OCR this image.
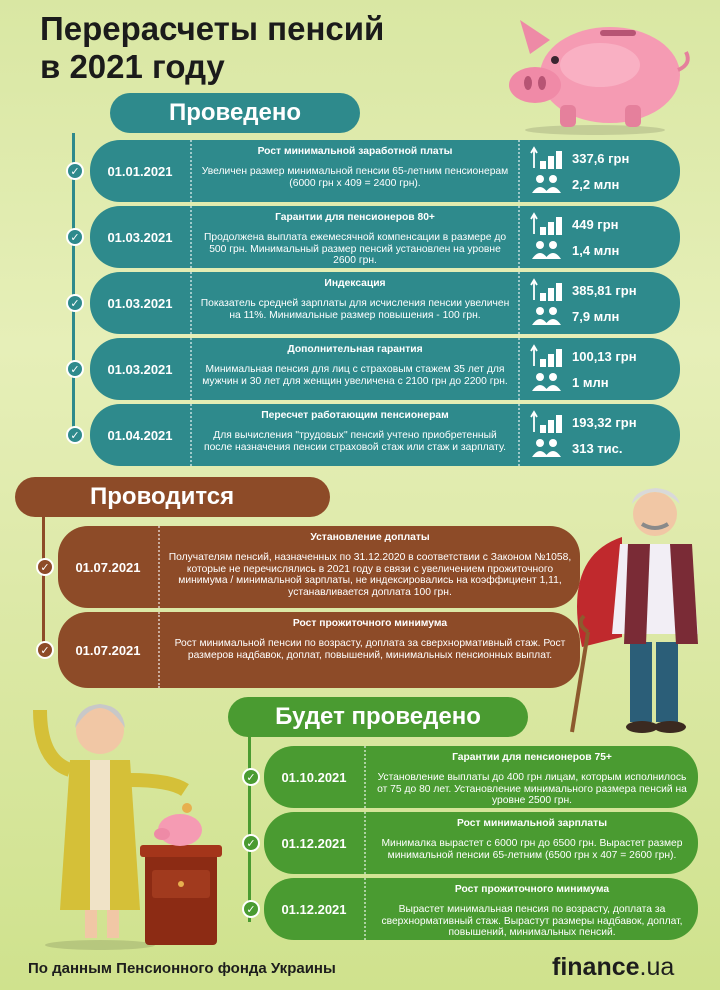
Перерасчеты пенсий
в 2021 году
Проведено
✓	01.01.2021
Рост минимальной заработной платы
Увеличен размер минимальной пенсии 65-летним пенсионерам (6000 грн х 409 = 2400 грн).
337,6 грн
2,2 млн
✓	01.03.2021
Гарантии для пенсионеров 80+
Продолжена выплата ежемесячной компенсации в размере до 500 грн. Минимальный размер пенсий установлен на уровне 2600 грн.
449 грн
1,4 млн
✓	01.03.2021
Индексация
Показатель средней зарплаты для исчисления пенсии увеличен на 11%. Минимальные размер повышения - 100 грн.
385,81 грн
7,9 млн
✓	01.03.2021
Дополнительная гарантия
Минимальная пенсия для лиц с страховым стажем 35 лет для мужчин и 30 лет для женщин увеличена с 2100 грн до 2200 грн.
100,13 грн
1 млн
✓	01.04.2021
Пересчет работающим пенсионерам
Для вычисления "трудовых" пенсий учтено приобретенный после назначения пенсии страховой стаж или стаж и зарплату.
193,32 грн
313 тис.
Проводится
✓	01.07.2021
Установление доплаты
Получателям пенсий, назначенных по 31.12.2020 в соответствии с Законом №1058, которые не перечислялись в 2021 году в связи с увеличением прожиточного минимума / минимальной зарплаты, не индексировались на коэффициент 1,11, устанавливается доплата 100 грн.
✓	01.07.2021
Рост прожиточного минимума
Рост минимальной пенсии по возрасту, доплата за сверхнормативный стаж. Рост размеров надбавок, доплат, повышений, минимальных пенсионных выплат.
Будет проведено
✓	01.10.2021
Гарантии для пенсионеров 75+
Установление выплаты до 400 грн лицам, которым исполнилось от 75 до 80 лет. Установление минимального размера пенсий на уровне 2500 грн.
✓	01.12.2021
Рост минимальной зарплаты
Минималка вырастет с 6000 грн до 6500 грн. Вырастет размер минимальной пенсии 65-летним (6500 грн х 407 = 2600 грн).
✓	01.12.2021
Рост прожиточного минимума
Вырастет минимальная пенсия по возрасту, доплата за сверхнормативный стаж. Вырастут размеры надбавок, доплат, повышений, минимальных пенсий.
По данным Пенсионного фонда Украины	finance.ua
